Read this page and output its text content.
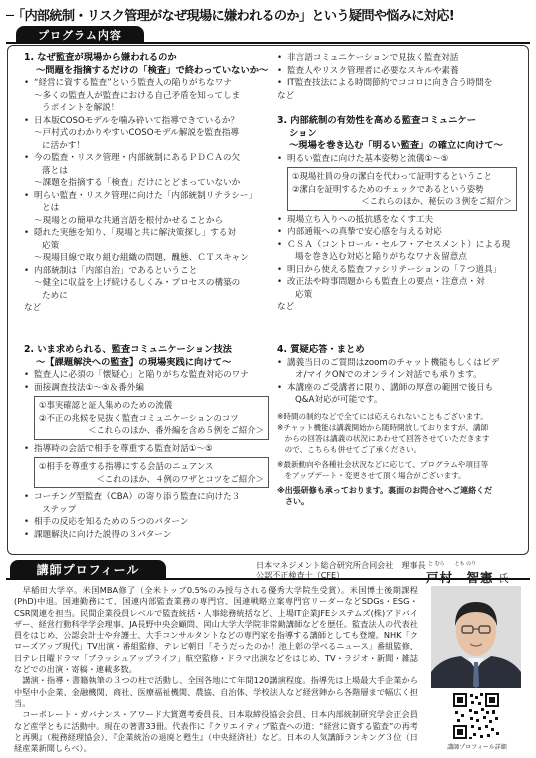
─「内部統制・リスク管理がなぜ現場に嫌われるのか」という疑問や悩みに対応!
プログラム内容
1. なぜ監査が現場から嫌われるのか
～問題を指摘するだけの「検査」で終わっていないか～
• “経営に資する監査”という監査人の陥りがちなワナ
～多くの監査人が監査における自己矛盾を知ってしま
うポイントを解説！
• 日本版COSOモデルを噛み砕いて指導できているか？
～戸村式のわかりやすいCOSOモデル解説を監査指導
に活かす！
• 今の監査・リスク管理・内部統制にあるＰＤＣＡの欠
落とは
～課題を指摘する「検査」だけにとどまっていないか
• 明らい監査・リスク管理に向けた「内部統制リテラシー」
とは
～現場との簡単な共通言語を根付かせることから
• 隠れた実態を知り、「現場と共に解決策探し」する対
応策
～現場目線で取り組む組織の問題、醜態、ＣＴスキャン
• 内部統制は「内部自治」であるということ
～健全に収益を上げ続けるしくみ・プロセスの構築の
ために
など
2. いま求められる、監査コミュニケーション技法
～【課題解決への監査】の現場実践に向けて～
• 監査人に必須の「懐疑心」と陥りがちな監査対応のワナ
• 面接調査技法①～⑤＆番外編
①事実確認と証人集めのための流儀
②不正の兆候を見抜く監査コミュニケーションのコツ
＜これらのほか、番外編を含め５例をご紹介＞
• 指導時の会話で相手を尊重する監査対話①～⑤
①相手を尊重する指導にする会話のニュアンス
＜これのほか、４例のワザとコツをご紹介＞
• コーチング型監査（CBA）の寄り添う監査に向けた３
ステップ
• 相手の反応を知るための５つのパターン
• 課題解決に向けた説得の３パターン
• 非言語コミュニケーションで見抜く監査対話
• 監査人やリスク管理者に必要なスキルや素養
• IT監査技法による時間節約でココロに向き合う時間を
など
3. 内部統制の有効性を高める監査コミュニケー
ション
～現場を巻き込む「明るい監査」の確立に向けて～
• 明るい監査に向けた基本姿勢と流儀①～⑤
①現場社員の身の潔白を代わって証明するということ
②潔白を証明するためのチェックであるという姿勢
＜これらのほか、秘伝の３例をご紹介＞
• 現場立ち入りへの抵抗感をなくす工夫
• 内部通報への真摯で安心感を与える対応
• ＣＳＡ（コントロール・セルフ・アセスメント）による現
場を巻き込む対応と陥りがちなワナ＆留意点
• 明日から使える監査ファシリテーションの「７つ道具」
• 改正法や時事問題からも監査上の要点・注意点・対
応策
など
4. 質疑応答・まとめ
• 講義当日のご質問はzoomのチャット機能もしくはビデ
オ/マイクONでのオンライン対話でも承ります。
• 本講座のご受講者に限り、講師の厚意の範囲で後日も
Q&A対応が可能です。
※時間の制約などで全てには応えられないこともございます。
※チャット機能は講義開始から随時開放しておりますが、講師
　からの回答は講義の状況にあわせて回答させていただきます
　ので、こちらも併せてご了承ください。
※最新動向や各種社会状況などに応じて、プログラムや項目等
　をアップデート・変更させて頂く場合がございます。
※出張研修も承っております。裏面のお問合せへご連絡くだ
　さい。
講師プロフィール	日本マネジメント総合研究所合同会社　理事長
公認不正検査士（CFE）
と むら　　とも のり
戸村　智憲 氏
　早稲田大学卒。米国MBA修了（全米トップ0.5%のみ授与される優秀大学院生受賞）。米国博士後期課程(PhD)中退。国連勤務にて、国連内部監査業務の専門官、国連戦略立案専門官リーダーなどSDGs・ESG・CSR関連を担当。民間企業役員レベルで監査統括・人事総務統括など、上場IT企業JFEシステムズ(株)アドバイザー、経営行動科学学会理事、JA長野中央会顧問、岡山大学大学院非常勤講師などを歴任。監査法人の代表社員をはじめ、公認会計士や弁護士、大手コンサルタントなどの専門家を指導する講師としても登壇。NHK「クローズアップ現代」TV出演・番組監修、テレビ朝日「そうだったのか！池上彰の学べるニュース」番組監修、日テレ日曜ドラマ「ブラッシュアップライフ」航空監修・ドラマ出演などをはじめ、TV・ラジオ・新聞・雑誌などでの出演・寄稿・連載多数。
　講演・指導・書籍執筆の３つの柱で活動し、全国各地にて年間120講演程度。指導先は上場最大手企業から中堅中小企業、金融機関、商社、医療福祉機関、農協、自治体、学校法人など経営陣から各階層まで幅広く担当。
　コーポレート・ガバナンス・アワード大賞選考委員長、日本取締役協会会員、日本内部統制研究学会正会員など産学ともに活動中。現在の著書33冊。代表作に『クリエイティブ監査への道：“経営に資する監査”の再考と再興』（税務経理協会）、『企業統治の退廃と甦生』（中央経済社）など。日本の人気講師ランキング３位（日経産業新聞しらべ）。	講師プロフィール詳細
